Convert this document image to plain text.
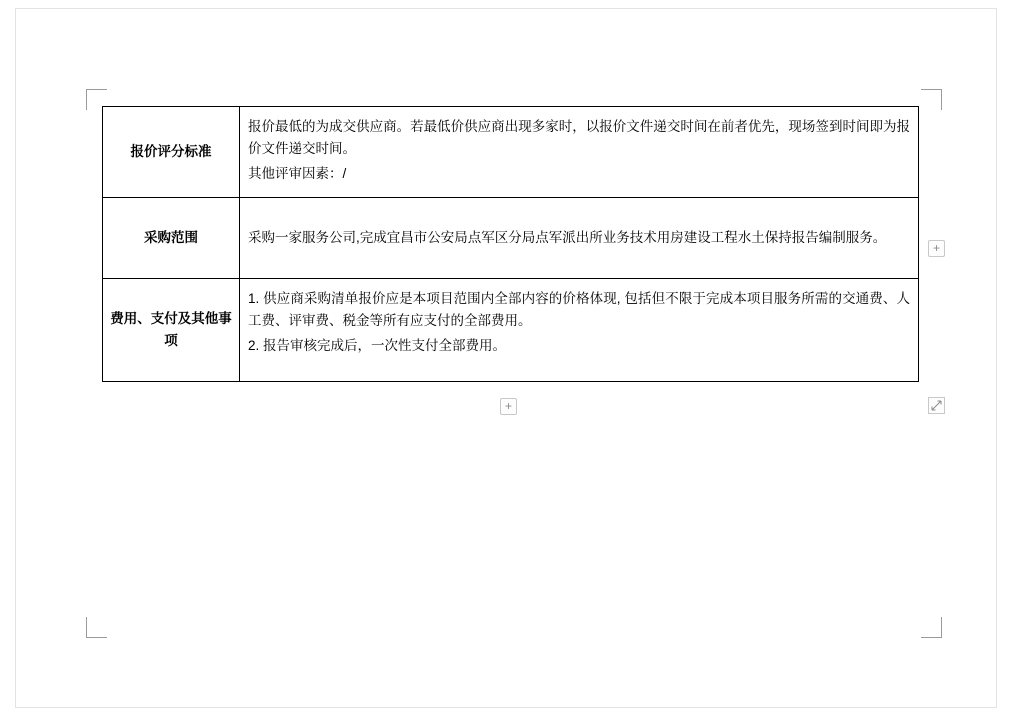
报价评分标准	报价最低的为成交供应商。若最低价供应商出现多家时，以报价文件递交时间在前者优先，现场签到时间即为报价文件递交时间。

其他评审因素：/

采购范围	采购一家服务公司,完成宜昌市公安局点军区分局点军派出所业务技术用房建设工程水土保持报告编制服务。

费用、支付及其他事项	1. 供应商采购清单报价应是本项目范围内全部内容的价格体现, 包括但不限于完成本项目服务所需的交通费、人工费、评审费、税金等所有应支付的全部费用。

2. 报告审核完成后，一次性支付全部费用。

+
+
